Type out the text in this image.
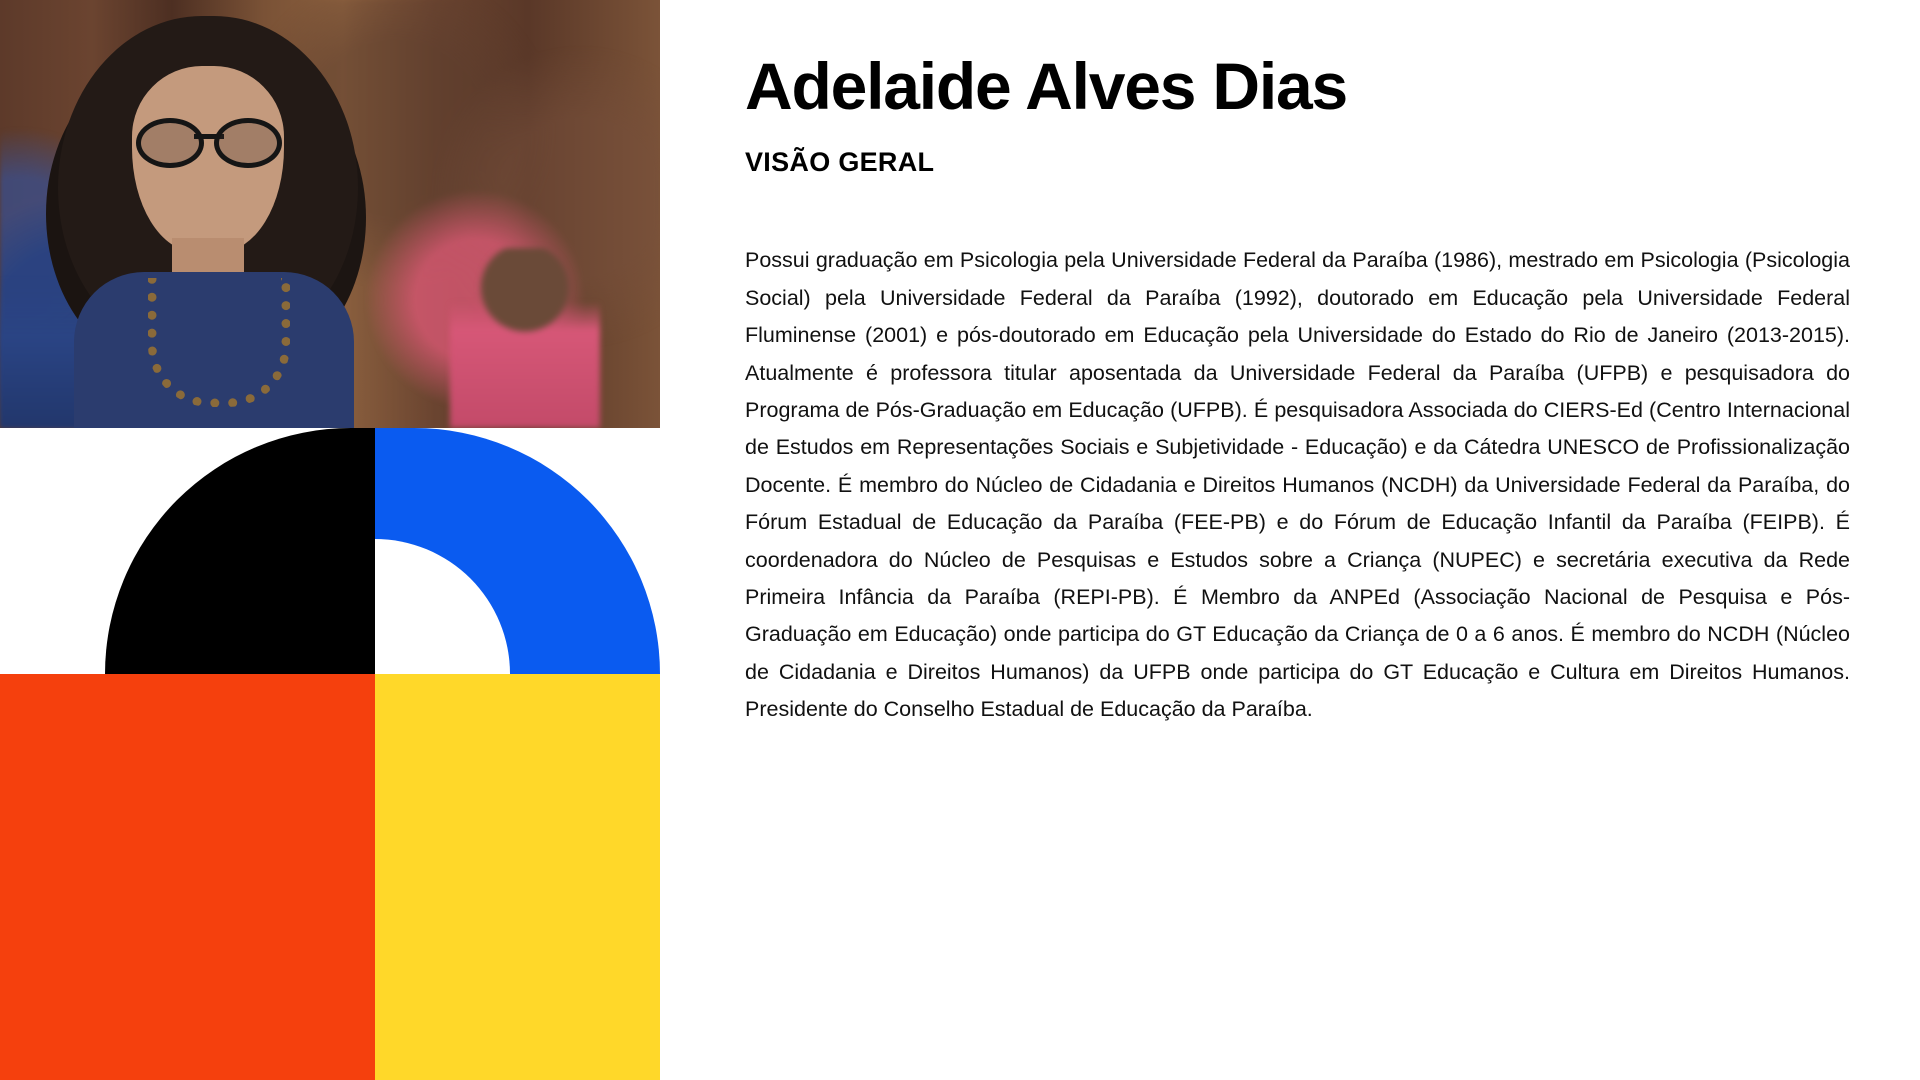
Adelaide Alves Dias
VISÃO GERAL

Possui graduação em Psicologia pela Universidade Federal da Paraíba (1986), mestrado em Psicologia (Psicologia Social) pela Universidade Federal da Paraíba (1992), doutorado em Educação pela Universidade Federal Fluminense (2001) e pós-doutorado em Educação pela Universidade do Estado do Rio de Janeiro (2013-2015). Atualmente é professora titular aposentada da Universidade Federal da Paraíba (UFPB) e pesquisadora do Programa de Pós-Graduação em Educação (UFPB). É pesquisadora Associada do CIERS-Ed (Centro Internacional de Estudos em Representações Sociais e Subjetividade - Educação) e da Cátedra UNESCO de Profissionalização Docente. É membro do Núcleo de Cidadania e Direitos Humanos (NCDH) da Universidade Federal da Paraíba, do Fórum Estadual de Educação da Paraíba (FEE-PB) e do Fórum de Educação Infantil da Paraíba (FEIPB). É coordenadora do Núcleo de Pesquisas e Estudos sobre a Criança (NUPEC) e secretária executiva da Rede Primeira Infância da Paraíba (REPI-PB). É Membro da ANPEd (Associação Nacional de Pesquisa e Pós- Graduação em Educação) onde participa do GT Educação da Criança de 0 a 6 anos. É membro do NCDH (Núcleo de Cidadania e Direitos Humanos) da UFPB onde participa do GT Educação e Cultura em Direitos Humanos. Presidente do Conselho Estadual de Educação da Paraíba.
